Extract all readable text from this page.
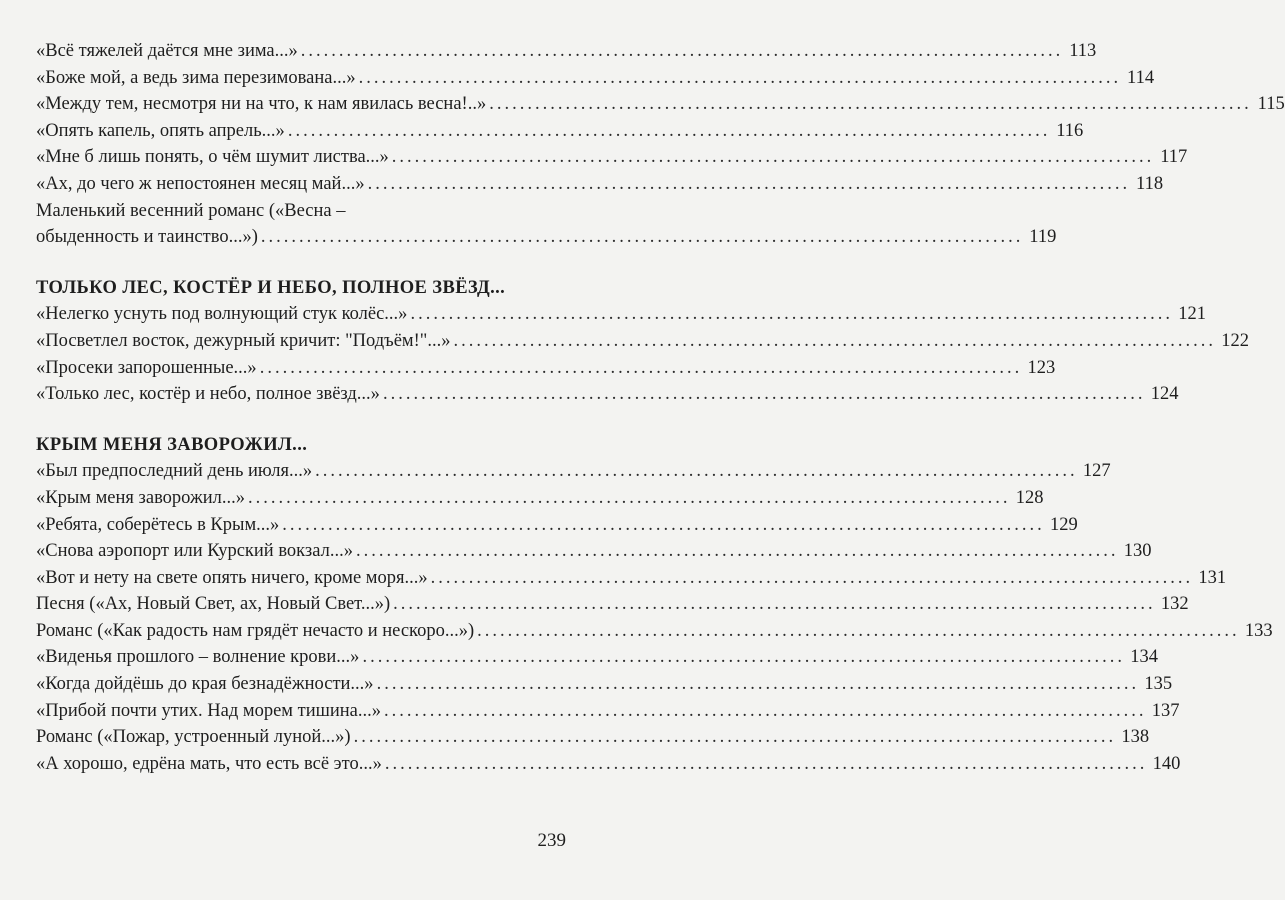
«Всё тяжелей даётся мне зима...» .....	113
«Боже мой, а ведь зима перезимована...» .....	114
«Между тем, несмотря ни на что, к нам явилась весна!..» .....	115
«Опять капель, опять апрель...» .....	116
«Мне б лишь понять, о чём шумит листва...» .....	117
«Ах, до чего ж непостоянен месяц май...» .....	118
Маленький весенний романс («Весна –
обыденность и таинство...») .....	119
ТОЛЬКО ЛЕС, КОСТЁР И НЕБО, ПОЛНОЕ ЗВЁЗД...
«Нелегко уснуть под волнующий стук колёс...» .....	121
«Посветлел восток, дежурный кричит: "Подъём!"...» .....	122
«Просеки запорошенные...» .....	123
«Только лес, костёр и небо, полное звёзд...» .....	124
КРЫМ МЕНЯ ЗАВОРОЖИЛ...
«Был предпоследний день июля...» .....	127
«Крым меня заворожил...» .....	128
«Ребята, соберётесь в Крым...» .....	129
«Снова аэропорт или Курский вокзал...» .....	130
«Вот и нету на свете опять ничего, кроме моря...» .....	131
Песня («Ах, Новый Свет, ах, Новый Свет...») .....	132
Романс («Как радость нам грядёт нечасто и нескоро...») .....	133
«Виденья прошлого – волнение крови...» .....	134
«Когда дойдёшь до края безнадёжности...» .....	135
«Прибой почти утих. Над морем тишина...» .....	137
Романс («Пожар, устроенный луной...») .....	138
«А хорошо, едрёна мать, что есть всё это...» .....	140
239
